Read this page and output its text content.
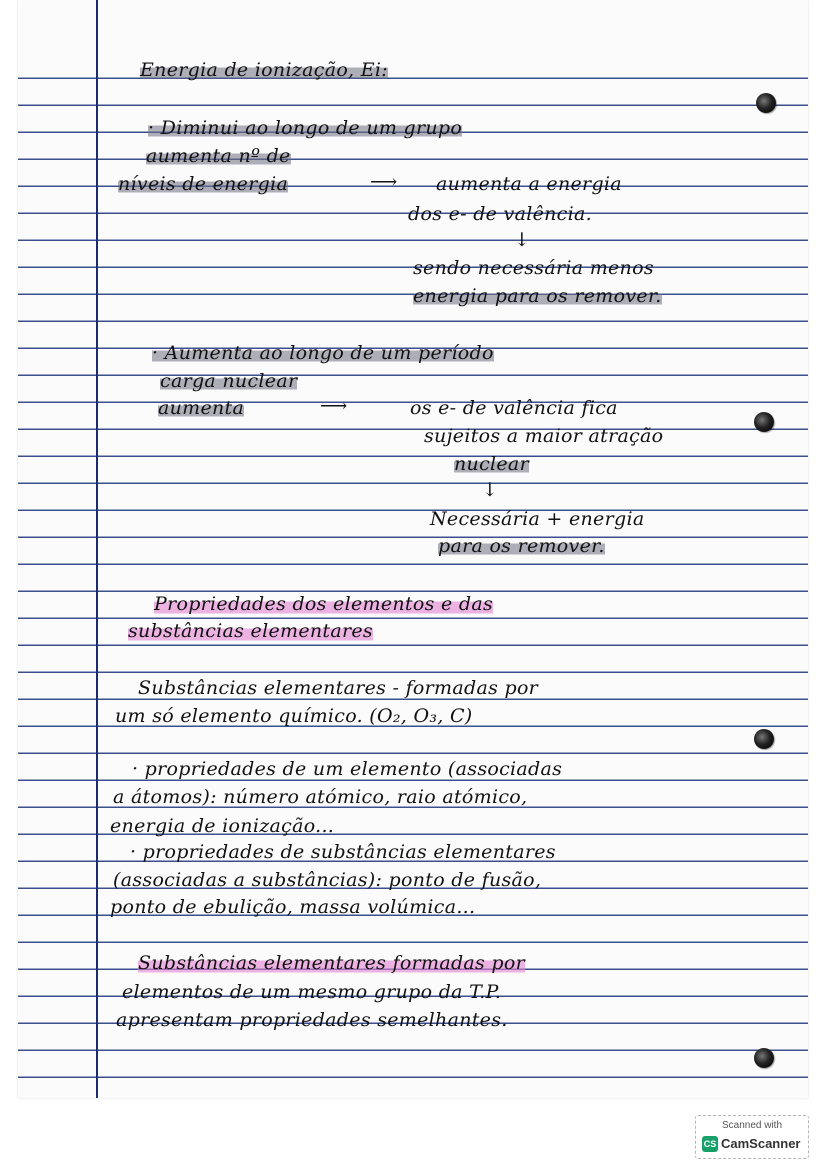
Energia de ionização, Ei:
· Diminui ao longo de um grupo
aumenta nº de
níveis de energia	⟶ aumenta a energia
dos e- de valência.
↓
sendo necessária menos
energia para os remover.
· Aumenta ao longo de um período
carga nuclear
aumenta	⟶	os e- de valência fica
sujeitos a maior atração
nuclear
↓
Necessária + energia
para os remover.
Propriedades dos elementos e das
substâncias elementares
Substâncias elementares - formadas por
um só elemento químico. (O₂, O₃, C)
· propriedades de um elemento (associadas
a átomos): número atómico, raio atómico,
energia de ionização...
· propriedades de substâncias elementares
(associadas a substâncias): ponto de fusão,
ponto de ebulição, massa volúmica...
Substâncias elementares formadas por
elementos de um mesmo grupo da T.P.
apresentam propriedades semelhantes.
Scanned with
CS CamScanner
